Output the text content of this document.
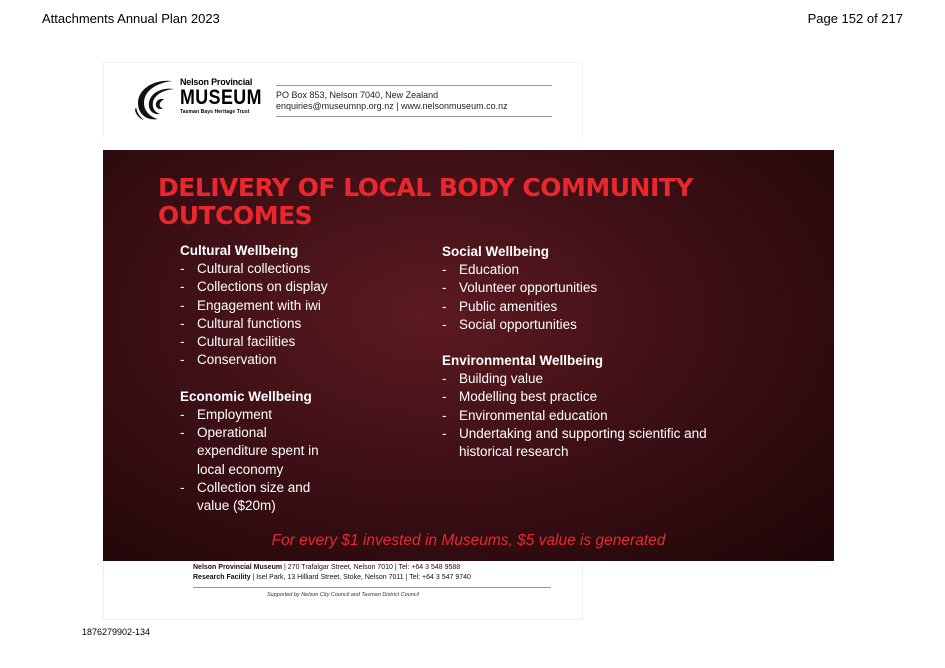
Attachments Annual Plan 2023	Page 152 of 217
Nelson Provincial
MUSEUM
Tasman Bays Heritage Trust
PO Box 853, Nelson 7040, New Zealand
enquiries@museumnp.org.nz | www.nelsonmuseum.co.nz
DELIVERY OF LOCAL BODY COMMUNITY OUTCOMES
Cultural Wellbeing
- Cultural collections
- Collections on display
- Engagement with iwi
- Cultural functions
- Cultural facilities
- Conservation
Economic Wellbeing
- Employment
- Operational expenditure spent in local economy
- Collection size and value ($20m)
Social Wellbeing
- Education
- Volunteer opportunities
- Public amenities
- Social opportunities
Environmental Wellbeing
- Building value
- Modelling best practice
- Environmental education
- Undertaking and supporting scientific and historical research
For every $1 invested in Museums, $5 value is generated
Nelson Provincial Museum | 270 Trafalgar Street, Nelson 7010 | Tel: +64 3 548 9588
Research Facility | Isel Park, 13 Hilliard Street, Stoke, Nelson 7011 | Tel: +64 3 547 9740
Supported by Nelson City Council and Tasman District Council
1876279902-134
